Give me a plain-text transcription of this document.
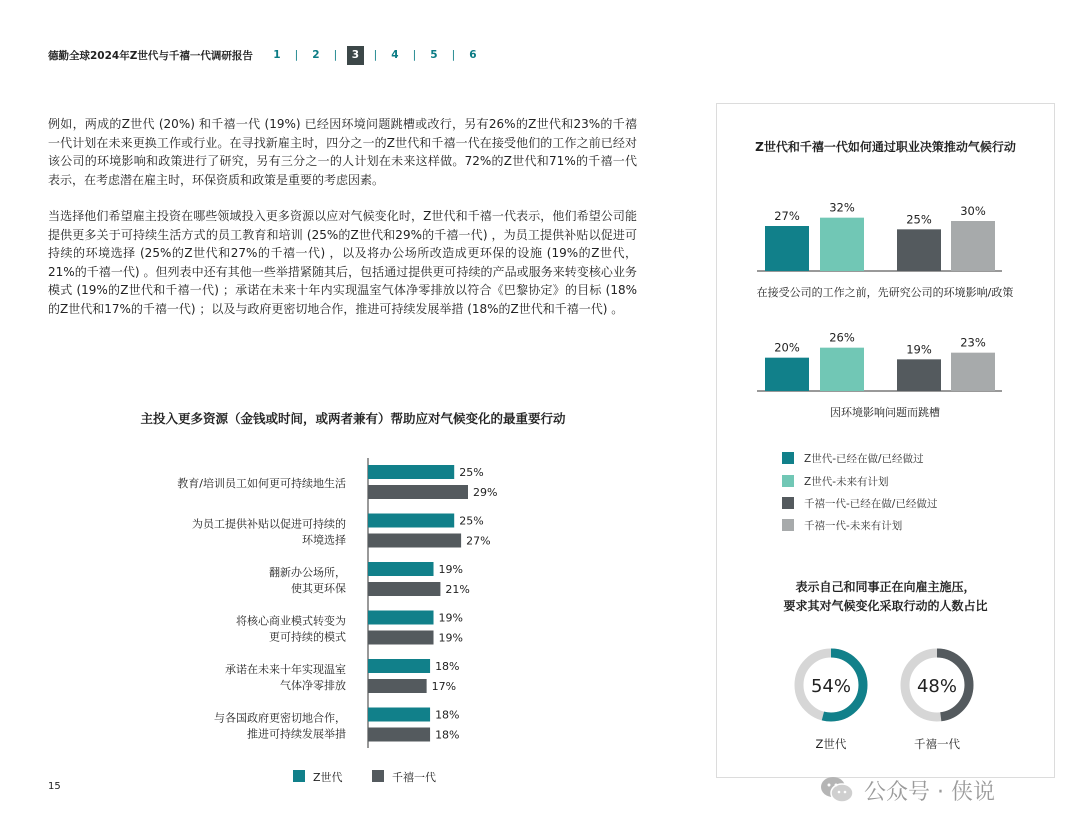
德勤全球2024年Z世代与千禧一代调研报告	1	|	2	|	3	|	4	|	5	|	6

例如，两成的Z世代 (20%) 和千禧一代 (19%) 已经因环境问题跳槽或改行，另有26%的Z世代和23%的千禧一代计划在未来更换工作或行业。在寻找新雇主时，四分之一的Z世代和千禧一代在接受他们的工作之前已经对该公司的环境影响和政策进行了研究，另有三分之一的人计划在未来这样做。72%的Z世代和71%的千禧一代表示，在考虑潜在雇主时，环保资质和政策是重要的考虑因素。

当选择他们希望雇主投资在哪些领域投入更多资源以应对气候变化时，Z世代和千禧一代表示，他们希望公司能提供更多关于可持续生活方式的员工教育和培训 (25%的Z世代和29%的千禧一代) ，为员工提供补贴以促进可持续的环境选择 (25%的Z世代和27%的千禧一代) ，以及将办公场所改造成更环保的设施 (19%的Z世代，21%的千禧一代) 。但列表中还有其他一些举措紧随其后，包括通过提供更可持续的产品或服务来转变核心业务模式 (19%的Z世代和千禧一代) ；承诺在未来十年内实现温室气体净零排放以符合《巴黎协定》的目标 (18%的Z世代和17%的千禧一代) ；以及与政府更密切地合作，推进可持续发展举措 (18%的Z世代和千禧一代) 。

主投入更多资源（金钱或时间，或两者兼有）帮助应对气候变化的最重要行动
Z世代和千禧一代如何通过职业决策推动气候行动
Z世代-已经在做/已经做过
Z世代-未来有计划
千禧一代-已经在做/已经做过
千禧一代-未来有计划
表示自己和同事正在向雇主施压，
要求其对气候变化采取行动的人数占比
25%
29%
教育/培训员工如何更可持续地生活
25%
27%
为员工提供补贴以促进可持续的
环境选择
19%
21%
翻新办公场所，
使其更环保
19%
19%
将核心商业模式转变为
更可持续的模式
18%
17%
承诺在未来十年实现温室
气体净零排放
18%
18%
与各国政府更密切地合作，
推进可持续发展举措
Z世代	千禧一代
27%
32%
25%
30%
在接受公司的工作之前，先研究公司的环境影响/政策
20%
26%
19% 23%
因环境影响问题而跳槽
54%
Z世代
48%
千禧一代
15	公众号 · 侠说
